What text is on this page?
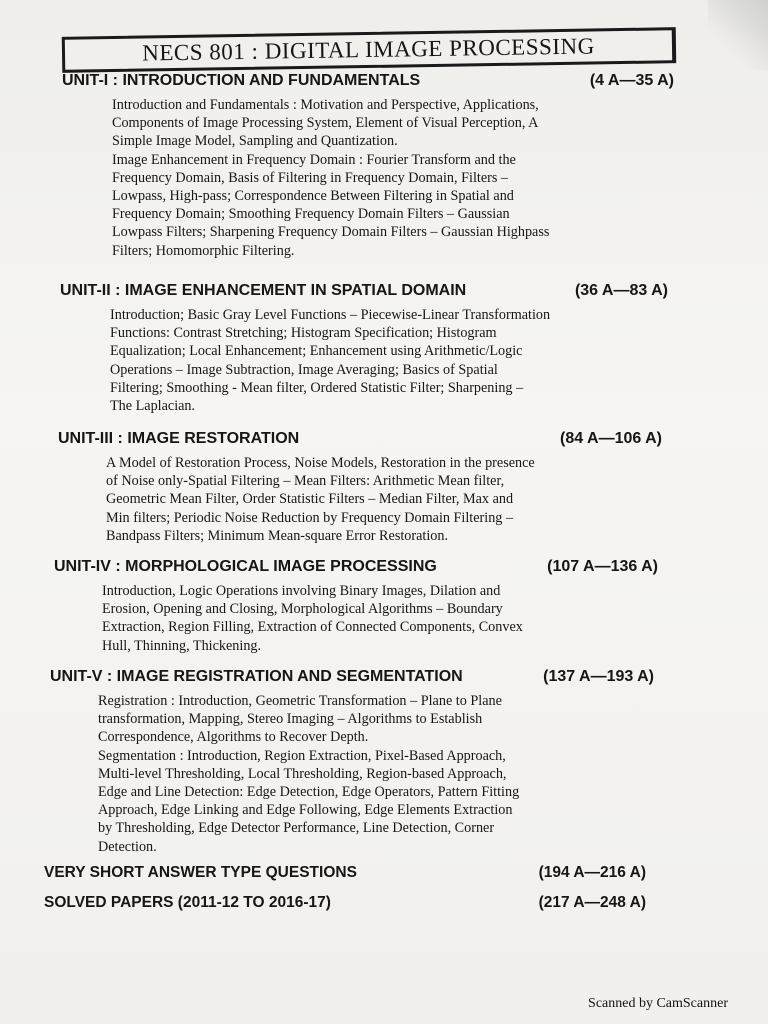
NECS 801 : DIGITAL IMAGE PROCESSING
UNIT-I : INTRODUCTION AND FUNDAMENTALS	(4 A—35 A)

Introduction and Fundamentals : Motivation and Perspective, Applications,

Components of Image Processing System, Element of Visual Perception, A

Simple Image Model, Sampling and Quantization.

Image Enhancement in Frequency Domain : Fourier Transform and the

Frequency Domain, Basis of Filtering in Frequency Domain, Filters –

Lowpass, High-pass; Correspondence Between Filtering in Spatial and

Frequency Domain; Smoothing Frequency Domain Filters – Gaussian

Lowpass Filters; Sharpening Frequency Domain Filters – Gaussian Highpass

Filters; Homomorphic Filtering.

UNIT-II : IMAGE ENHANCEMENT IN SPATIAL DOMAIN	(36 A—83 A)

Introduction; Basic Gray Level Functions – Piecewise-Linear Transformation

Functions: Contrast Stretching; Histogram Specification; Histogram

Equalization; Local Enhancement; Enhancement using Arithmetic/Logic

Operations – Image Subtraction, Image Averaging; Basics of Spatial

Filtering; Smoothing - Mean filter, Ordered Statistic Filter; Sharpening –

The Laplacian.

UNIT-III : IMAGE RESTORATION	(84 A—106 A)

A Model of Restoration Process, Noise Models, Restoration in the presence

of Noise only-Spatial Filtering – Mean Filters: Arithmetic Mean filter,

Geometric Mean Filter, Order Statistic Filters – Median Filter, Max and

Min filters; Periodic Noise Reduction by Frequency Domain Filtering –

Bandpass Filters; Minimum Mean-square Error Restoration.

UNIT-IV : MORPHOLOGICAL IMAGE PROCESSING	(107 A—136 A)

Introduction, Logic Operations involving Binary Images, Dilation and

Erosion, Opening and Closing, Morphological Algorithms – Boundary

Extraction, Region Filling, Extraction of Connected Components, Convex

Hull, Thinning, Thickening.

UNIT-V : IMAGE REGISTRATION AND SEGMENTATION	(137 A—193 A)

Registration : Introduction, Geometric Transformation – Plane to Plane

transformation, Mapping, Stereo Imaging – Algorithms to Establish

Correspondence, Algorithms to Recover Depth.

Segmentation : Introduction, Region Extraction, Pixel-Based Approach,

Multi-level Thresholding, Local Thresholding, Region-based Approach,

Edge and Line Detection: Edge Detection, Edge Operators, Pattern Fitting

Approach, Edge Linking and Edge Following, Edge Elements Extraction

by Thresholding, Edge Detector Performance, Line Detection, Corner

Detection.

VERY SHORT ANSWER TYPE QUESTIONS	(194 A—216 A)
SOLVED PAPERS (2011-12 TO 2016-17)	(217 A—248 A)
Scanned by CamScanner
